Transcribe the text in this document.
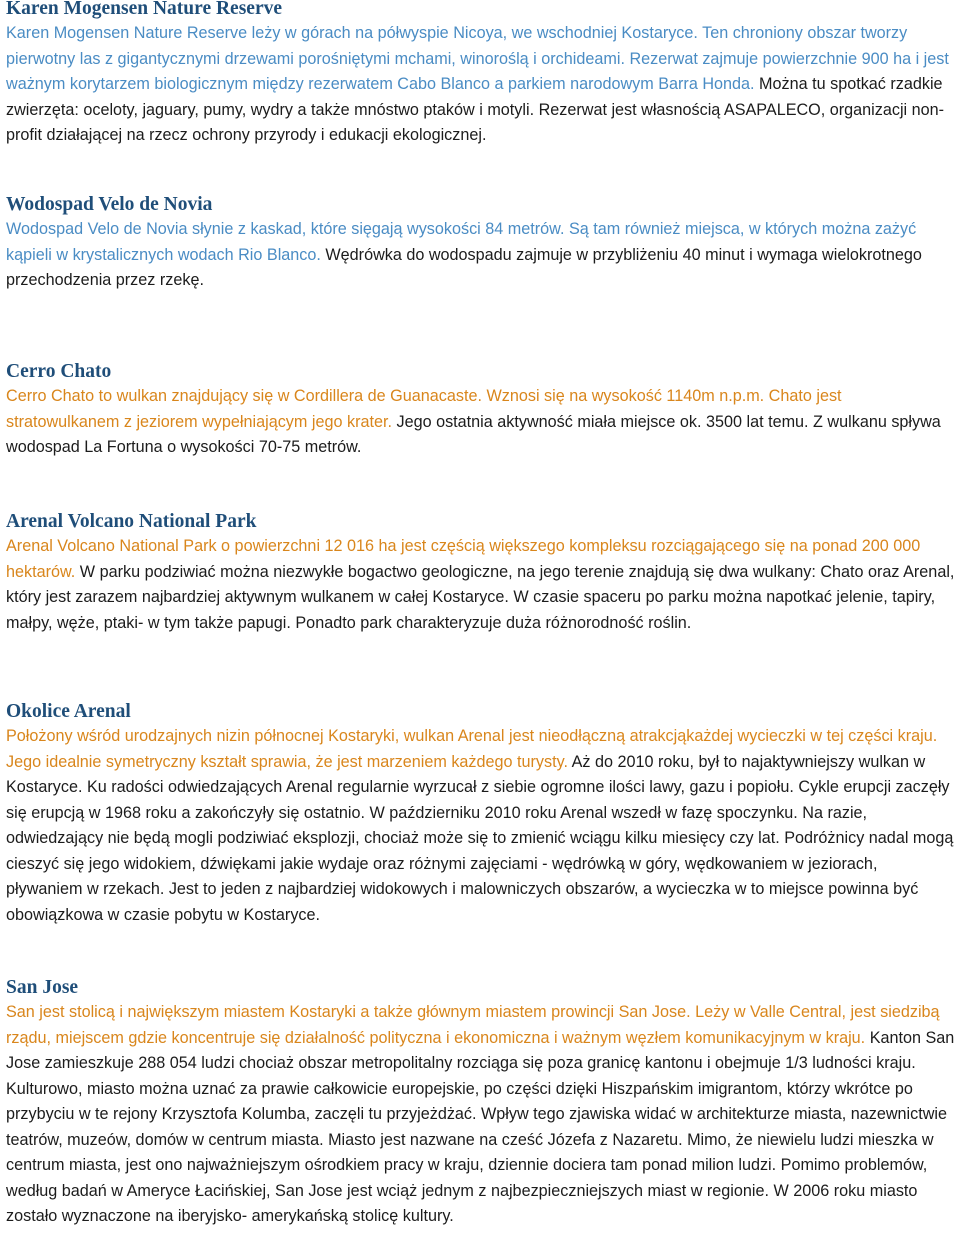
Karen Mogensen Nature Reserve

Karen Mogensen Nature Reserve leży w górach na półwyspie Nicoya, we wschodniej Kostaryce. Ten chroniony obszar tworzy pierwotny las z gigantycznymi drzewami porośniętymi mchami, winoroślą i orchideami. Rezerwat zajmuje powierzchnie 900 ha i jest ważnym korytarzem biologicznym między rezerwatem Cabo Blanco a parkiem narodowym Barra Honda. Można tu spotkać rzadkie zwierzęta: oceloty, jaguary, pumy, wydry a także mnóstwo ptaków i motyli. Rezerwat jest własnością ASAPALECO, organizacji non- profit działającej na rzecz ochrony przyrody i edukacji ekologicznej.

Wodospad Velo de Novia

Wodospad Velo de Novia słynie z kaskad, które sięgają wysokości 84 metrów. Są tam również miejsca, w których można zażyć kąpieli w krystalicznych wodach Rio Blanco. Wędrówka do wodospadu zajmuje w przybliżeniu 40 minut i wymaga wielokrotnego przechodzenia przez rzekę.

Cerro Chato

Cerro Chato to wulkan znajdujący się w Cordillera de Guanacaste. Wznosi się na wysokość 1140m n.p.m. Chato jest stratowulkanem z jeziorem wypełniającym jego krater. Jego ostatnia aktywność miała miejsce ok. 3500 lat temu. Z wulkanu spływa wodospad La Fortuna o wysokości 70-75 metrów.

Arenal Volcano National Park

Arenal Volcano National Park o powierzchni 12 016 ha jest częścią większego kompleksu rozciągającego się na ponad 200 000 hektarów. W parku podziwiać można niezwykłe bogactwo geologiczne, na jego terenie znajdują się dwa wulkany: Chato oraz Arenal, który jest zarazem najbardziej aktywnym wulkanem w całej Kostaryce. W czasie spaceru po parku można napotkać jelenie, tapiry, małpy, węże, ptaki- w tym także papugi. Ponadto park charakteryzuje duża różnorodność roślin.

Okolice Arenal

Położony wśród urodzajnych nizin północnej Kostaryki, wulkan Arenal jest nieodłączną atrakcjąkażdej wycieczki w tej części kraju. Jego idealnie symetryczny kształt sprawia, że jest marzeniem każdego turysty. Aż do 2010 roku, był to najaktywniejszy wulkan w Kostaryce. Ku radości odwiedzających Arenal regularnie wyrzucał z siebie ogromne ilości lawy, gazu i popiołu. Cykle erupcji zaczęły się erupcją w 1968 roku a zakończyły się ostatnio. W październiku 2010 roku Arenal wszedł w fazę spoczynku. Na razie, odwiedzający nie będą mogli podziwiać eksplozji, chociaż może się to zmienić wciągu kilku miesięcy czy lat. Podróżnicy nadal mogą cieszyć się jego widokiem, dźwiękami jakie wydaje oraz różnymi zajęciami - wędrówką w góry, wędkowaniem w jeziorach, pływaniem w rzekach. Jest to jeden z najbardziej widokowych i malowniczych obszarów, a wycieczka w to miejsce powinna być obowiązkowa w czasie pobytu w Kostaryce.

San Jose

San jest stolicą i największym miastem Kostaryki a także głównym miastem prowincji San Jose. Leży w Valle Central, jest siedzibą rządu, miejscem gdzie koncentruje się działalność polityczna i ekonomiczna i ważnym węzłem komunikacyjnym w kraju. Kanton San Jose zamieszkuje 288 054 ludzi chociaż obszar metropolitalny rozciąga się poza granicę kantonu i obejmuje 1/3 ludności kraju. Kulturowo, miasto można uznać za prawie całkowicie europejskie, po części dzięki Hiszpańskim imigrantom, którzy wkrótce po przybyciu w te rejony Krzysztofa Kolumba, zaczęli tu przyjeżdżać. Wpływ tego zjawiska widać w architekturze miasta, nazewnictwie teatrów, muzeów, domów w centrum miasta. Miasto jest nazwane na cześć Józefa z Nazaretu. Mimo, że niewielu ludzi mieszka w centrum miasta, jest ono najważniejszym ośrodkiem pracy w kraju, dziennie dociera tam ponad milion ludzi. Pomimo problemów, według badań w Ameryce Łacińskiej, San Jose jest wciąż jednym z najbezpieczniejszych miast w regionie. W 2006 roku miasto zostało wyznaczone na iberyjsko- amerykańską stolicę kultury.
